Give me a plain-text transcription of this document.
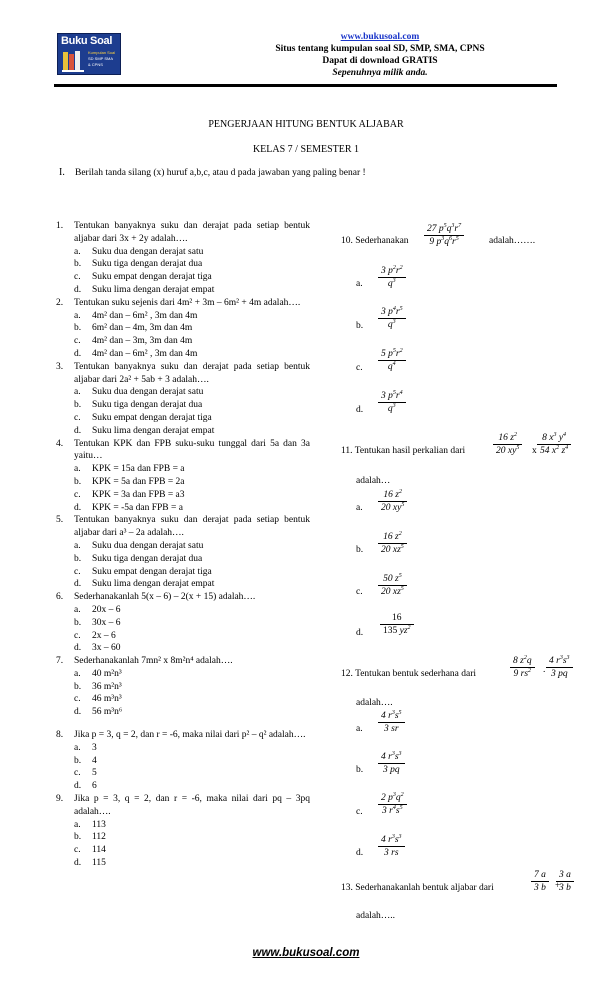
Buku Soal
Kumpulan Soal
SD SMP SMA
& CPNS
www.bukusoal.com
Situs tentang kumpulan soal SD, SMP, SMA, CPNS
Dapat di download GRATIS
Sepenuhnya milik anda.
PENGERJAAN HITUNG BENTUK ALJABAR
KELAS 7 / SEMESTER 1
I. Berilah tanda silang (x) huruf a,b,c, atau d pada jawaban yang paling benar !
1.	Tentukan banyaknya suku dan derajat pada setiap bentuk aljabar dari 3x + 2y adalah….
a. Suku dua dengan derajat satu
b. Suku tiga dengan derajat dua
c. Suku empat dengan derajat tiga
d. Suku lima dengan derajat empat
2.	Tentukan suku sejenis dari 4m² + 3m – 6m² + 4m adalah….
a. 4m² dan – 6m² , 3m dan 4m
b. 6m² dan – 4m, 3m dan 4m
c. 4m² dan – 3m, 3m dan 4m
d. 4m² dan – 6m² , 3m dan 4m
3.	Tentukan banyaknya suku dan derajat pada setiap bentuk aljabar dari 2a² + 5ab + 3 adalah….
a. Suku dua dengan derajat satu
b. Suku tiga dengan derajat dua
c. Suku empat dengan derajat tiga
d. Suku lima dengan derajat empat
4.	Tentukan KPK dan FPB suku-suku tunggal dari 5a dan 3a yaitu…
a. KPK = 15a dan FPB = a
b. KPK = 5a dan FPB = 2a
c. KPK = 3a dan FPB = a3
d. KPK = -5a dan FPB = a
5.	Tentukan banyaknya suku dan derajat pada setiap bentuk aljabar dari a³ – 2a adalah….
a. Suku dua dengan derajat satu
b. Suku tiga dengan derajat dua
c. Suku empat dengan derajat tiga
d. Suku lima dengan derajat empat
6.	Sederhanakanlah 5(x – 6) – 2(x + 15) adalah….
a. 20x – 6
b. 30x – 6
c. 2x – 6
d. 3x – 60
7.	Sederhanakanlah 7mn² x 8m²n⁴ adalah….
a. 40 m²n³
b. 36 m²n³
c. 46 m³n³
d. 56 m³n⁶
8.	Jika p = 3, q = 2, dan r = -6, maka nilai dari p² – q² adalah….
a. 3
b. 4
c. 5
d. 6
9.	Jika p = 3, q = 2, dan r = -6, maka nilai dari pq – 3pq adalah….
a. 113
b. 112
c. 114
d. 115
10. Sederhanakan $\frac{27 p^5q^3r^7}{9 p^3q^6r^5}$	adalah…….
a. $\frac{3 p^2r^2}{q^3}$
b. $\frac{3 p^4r^5}{q^3}$
c. $\frac{5 p^5r^2}{q^4}$
d. $\frac{3 p^5r^4}{q^3}$
11. Tentukan hasil perkalian dari	$\frac{16 z^2}{20 xy^5}$ x $\frac{8 x^3 y^4}{54 x^2 z^4}$
adalah…
a. $\frac{16 z^2}{20 xy^5}$
b. $\frac{16 z^2}{20 xz^5}$
c. $\frac{50 z^5}{20 xz^5}$
d. $\frac{16}{135 yz^2}$
12. Tentukan bentuk sederhana dari	$\frac{8 z^2q}{9 rs^2}$ . $\frac{4 r^3s^3}{3 pq}$
adalah….
a. $\frac{4 r^3s^5}{3 sr}$
b. $\frac{4 r^3s^3}{3 pq}$
c. $\frac{2 p^3q^2}{3 r^4s^5}$
d. $\frac{4 r^3s^3}{3 rs}$
13. Sederhanakanlah bentuk aljabar dari	$\frac{7 a}{3 b}$ +
$\frac{3 a}{3 b}$
adalah…..
www.bukusoal.com
